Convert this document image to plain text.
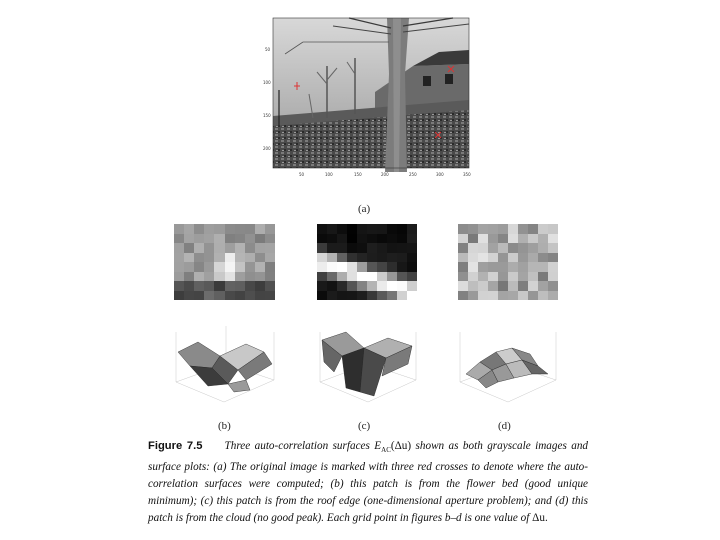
50
100
150
200
50	100	150	200	250	300	350
(a)
(b)	(c)	(d)
Figure 7.5 Three auto-correlation surfaces $E_{AC}(\Delta u)$ shown as both grayscale images and surface plots: (a) The original image is marked with three red crosses to denote where the auto-correlation surfaces were computed; (b) this patch is from the flower bed (good unique minimum); (c) this patch is from the roof edge (one-dimensional aperture problem); and (d) this patch is from the cloud (no good peak). Each grid point in figures b–d is one value of Δu.
